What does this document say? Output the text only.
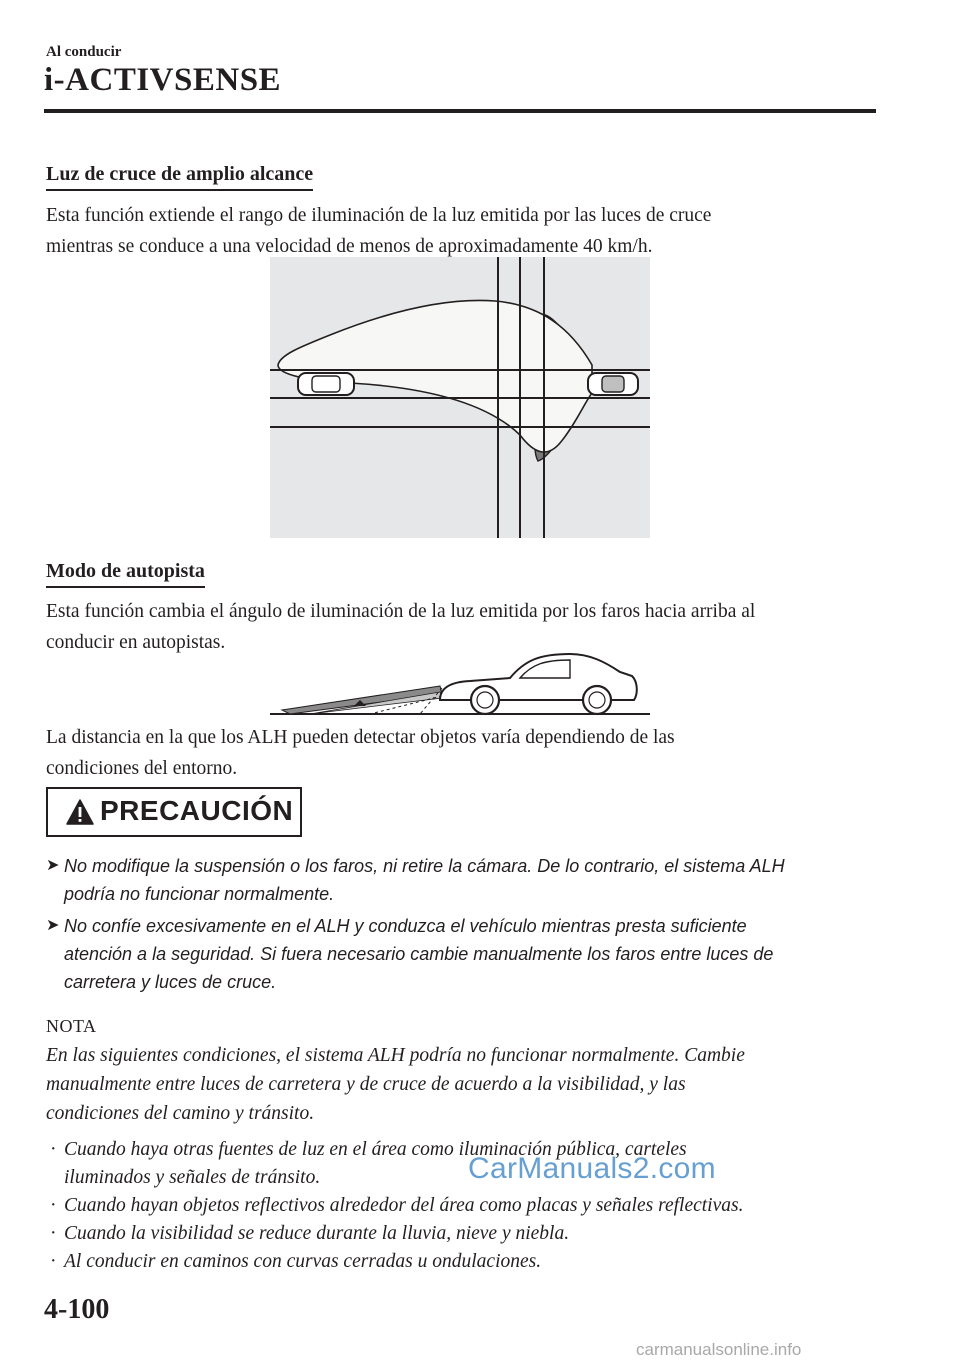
Al conducir
i-ACTIVSENSE
Luz de cruce de amplio alcance
Esta función extiende el rango de iluminación de la luz emitida por las luces de cruce
mientras se conduce a una velocidad de menos de aproximadamente 40 km/h.
Modo de autopista
Esta función cambia el ángulo de iluminación de la luz emitida por los faros hacia arriba al
conducir en autopistas.
La distancia en la que los ALH pueden detectar objetos varía dependiendo de las
condiciones del entorno.
PRECAUCIÓN
➤ No modifique la suspensión o los faros, ni retire la cámara. De lo contrario, el sistema ALH
podría no funcionar normalmente.
➤ No confíe excesivamente en el ALH y conduzca el vehículo mientras presta suficiente
atención a la seguridad. Si fuera necesario cambie manualmente los faros entre luces de
carretera y luces de cruce.
NOTA
En las siguientes condiciones, el sistema ALH podría no funcionar normalmente. Cambie
manualmente entre luces de carretera y de cruce de acuerdo a la visibilidad, y las
condiciones del camino y tránsito.
· Cuando haya otras fuentes de luz en el área como iluminación pública, carteles
iluminados y señales de tránsito.
· Cuando hayan objetos reflectivos alrededor del área como placas y señales reflectivas.
· Cuando la visibilidad se reduce durante la lluvia, nieve y niebla.
· Al conducir en caminos con curvas cerradas u ondulaciones.
CarManuals2.com
carmanualsonline.info
4-100
